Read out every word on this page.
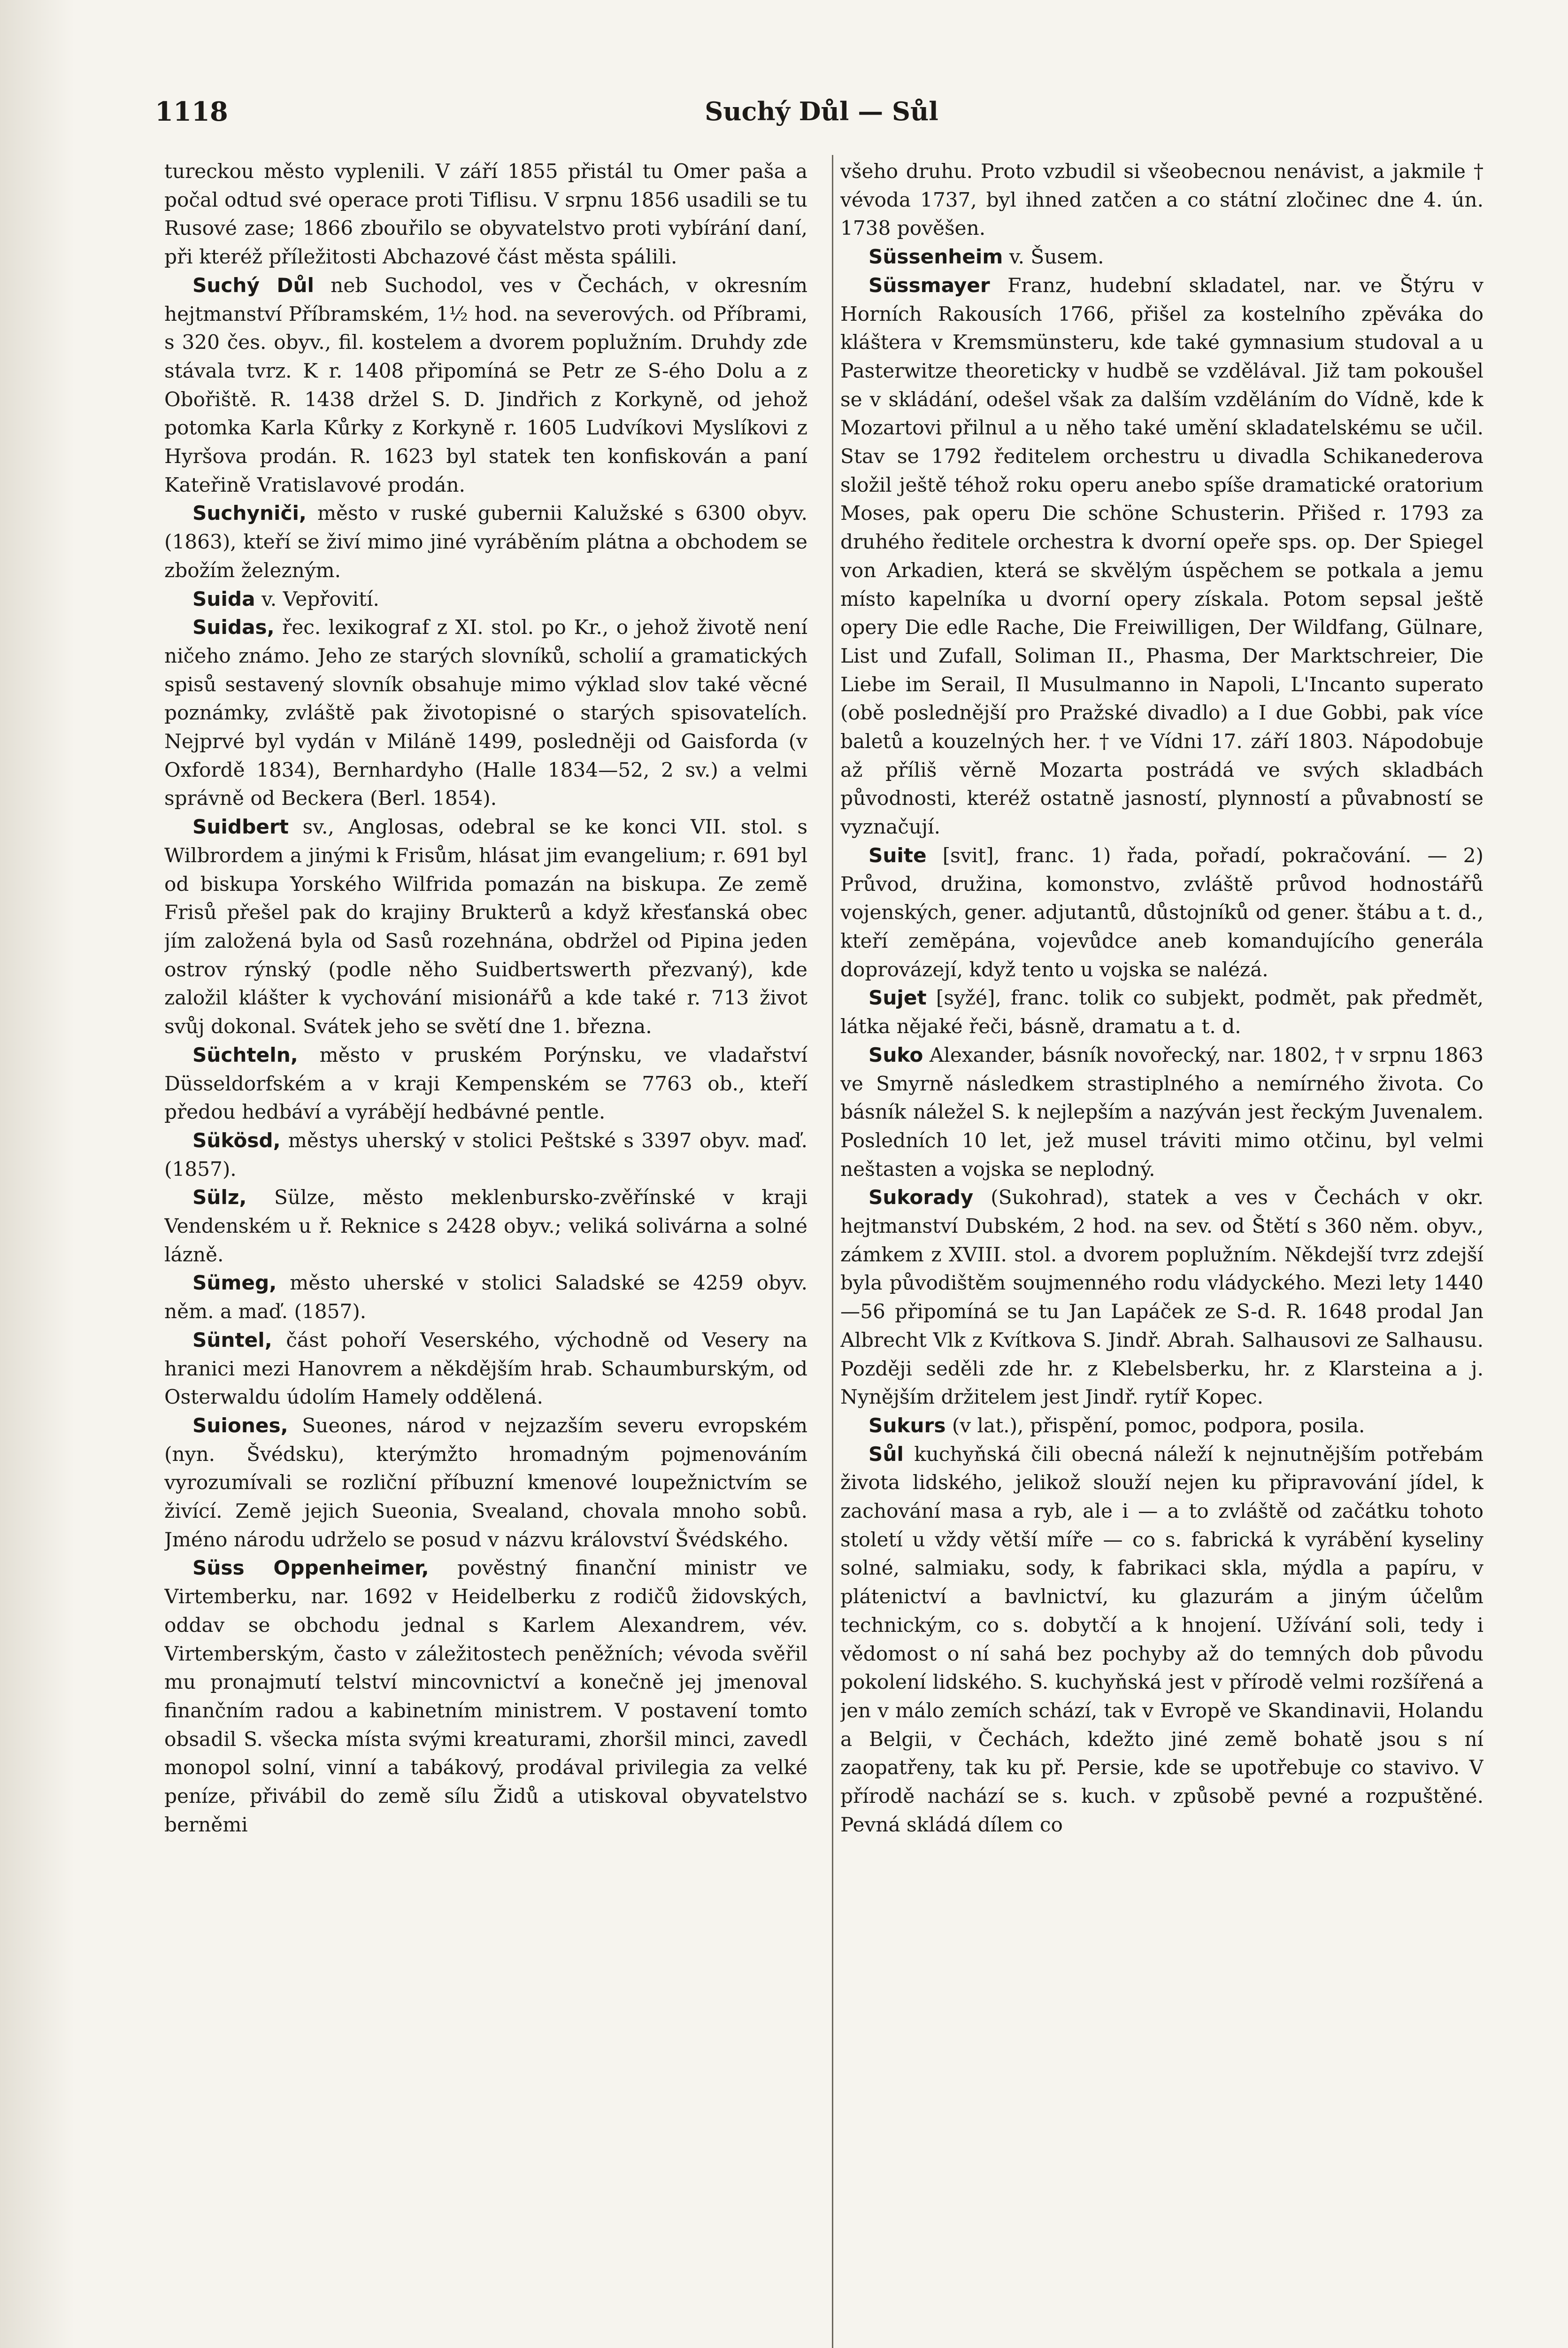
1118	Suchý Důl — Sůl

tureckou město vyplenili. V září 1855 přistál tu Omer paša a počal odtud své operace proti Tiflisu. V srpnu 1856 usadili se tu Rusové zase; 1866 zbouřilo se obyvatelstvo proti vybírání daní, při kteréž příležitosti Abchazové část města spálili.

Suchý Důl neb Suchodol, ves v Čechách, v okresním hejtmanství Příbramském, 1½ hod. na severových. od Příbrami, s 320 čes. obyv., fil. kostelem a dvorem poplužním. Druhdy zde stávala tvrz. K r. 1408 připomíná se Petr ze S-ého Dolu a z Obořiště. R. 1438 držel S. D. Jindřich z Korkyně, od jehož potomka Karla Kůrky z Korkyně r. 1605 Ludvíkovi Myslíkovi z Hyršova prodán. R. 1623 byl statek ten konfiskován a paní Kateřině Vratislavové prodán.

Suchyniči, město v ruské gubernii Kalužské s 6300 obyv. (1863), kteří se živí mimo jiné vyráběním plátna a obchodem se zbožím železným.

Suida v. Vepřovití.

Suidas, řec. lexikograf z XI. stol. po Kr., o jehož životě není ničeho známo. Jeho ze starých slovníků, scholií a gramatických spisů sestavený slovník obsahuje mimo výklad slov také věcné poznámky, zvláště pak životopisné o starých spisovatelích. Nejprvé byl vydán v Miláně 1499, posledněji od Gaisforda (v Oxfordě 1834), Bernhardyho (Halle 1834—52, 2 sv.) a velmi správně od Beckera (Berl. 1854).

Suidbert sv., Anglosas, odebral se ke konci VII. stol. s Wilbrordem a jinými k Frisům, hlásat jim evangelium; r. 691 byl od biskupa Yorského Wilfrida pomazán na biskupa. Ze země Frisů přešel pak do krajiny Brukterů a když křesťanská obec jím založená byla od Sasů rozehnána, obdržel od Pipina jeden ostrov rýnský (podle něho Suidbertswerth přezvaný), kde založil klášter k vychování misionářů a kde také r. 713 život svůj dokonal. Svátek jeho se světí dne 1. března.

Süchteln, město v pruském Porýnsku, ve vladařství Düsseldorfském a v kraji Kempenském se 7763 ob., kteří předou hedbáví a vyrábějí hedbávné pentle.

Sükösd, městys uherský v stolici Peštské s 3397 obyv. maď. (1857).

Sülz, Sülze, město meklenbursko-zvěřínské v kraji Vendenském u ř. Reknice s 2428 obyv.; veliká solivárna a solné lázně.

Sümeg, město uherské v stolici Saladské se 4259 obyv. něm. a maď. (1857).

Süntel, část pohoří Veserského, východně od Vesery na hranici mezi Hanovrem a někdějším hrab. Schaumburským, od Osterwaldu údolím Hamely oddělená.

Suiones, Sueones, národ v nejzazším severu evropském (nyn. Švédsku), kterýmžto hromadným pojmenováním vyrozumívali se rozliční příbuzní kmenové loupežnictvím se živící. Země jejich Sueonia, Svealand, chovala mnoho sobů. Jméno národu udrželo se posud v názvu království Švédského.

Süss Oppenheimer, pověstný finanční ministr ve Virtemberku, nar. 1692 v Heidelberku z rodičů židovských, oddav se obchodu jednal s Karlem Alexandrem, vév. Virtemberským, často v záležitostech peněžních; vévoda svěřil mu pronajmutí telství mincovnictví a konečně jej jmenoval finančním radou a kabinetním ministrem. V postavení tomto obsadil S. všecka místa svými kreaturami, zhoršil minci, zavedl monopol solní, vinní a tabákový, prodával privilegia za velké peníze, přivábil do země sílu Židů a utiskoval obyvatelstvo berněmi

všeho druhu. Proto vzbudil si všeobecnou nenávist, a jakmile † vévoda 1737, byl ihned zatčen a co státní zločinec dne 4. ún. 1738 pověšen.

Süssenheim v. Šusem.

Süssmayer Franz, hudební skladatel, nar. ve Štýru v Horních Rakousích 1766, přišel za kostelního zpěváka do kláštera v Kremsmünsteru, kde také gymnasium studoval a u Pasterwitze theoreticky v hudbě se vzdělával. Již tam pokoušel se v skládání, odešel však za dalším vzděláním do Vídně, kde k Mozartovi přilnul a u něho také umění skladatelskému se učil. Stav se 1792 ředitelem orchestru u divadla Schikanederova složil ještě téhož roku operu anebo spíše dramatické oratorium Moses, pak operu Die schöne Schusterin. Přišed r. 1793 za druhého ředitele orchestra k dvorní opeře sps. op. Der Spiegel von Arkadien, která se skvělým úspěchem se potkala a jemu místo kapelníka u dvorní opery získala. Potom sepsal ještě opery Die edle Rache, Die Freiwilligen, Der Wildfang, Gülnare, List und Zufall, Soliman II., Phasma, Der Marktschreier, Die Liebe im Serail, Il Musulmanno in Napoli, L'Incanto superato (obě poslednější pro Pražské divadlo) a I due Gobbi, pak více baletů a kouzelných her. † ve Vídni 17. září 1803. Nápodobuje až příliš věrně Mozarta postrádá ve svých skladbách původnosti, kteréž ostatně jasností, plynností a půvabností se vyznačují.

Suite [svit], franc. 1) řada, pořadí, pokračování. — 2) Průvod, družina, komonstvo, zvláště průvod hodnostářů vojenských, gener. adjutantů, důstojníků od gener. štábu a t. d., kteří zeměpána, vojevůdce aneb komandujícího generála doprovázejí, když tento u vojska se nalézá.

Sujet [syžé], franc. tolik co subjekt, podmět, pak předmět, látka nějaké řeči, básně, dramatu a t. d.

Suko Alexander, básník novořecký, nar. 1802, † v srpnu 1863 ve Smyrně následkem strastiplného a nemírného života. Co básník náležel S. k nejlepším a nazýván jest řeckým Juvenalem. Posledních 10 let, jež musel tráviti mimo otčinu, byl velmi neštasten a vojska se neplodný.

Sukorady (Sukohrad), statek a ves v Čechách v okr. hejtmanství Dubském, 2 hod. na sev. od Štětí s 360 něm. obyv., zámkem z XVIII. stol. a dvorem poplužním. Někdejší tvrz zdejší byla původištěm soujmenného rodu vládyckého. Mezi lety 1440—56 připomíná se tu Jan Lapáček ze S-d. R. 1648 prodal Jan Albrecht Vlk z Kvítkova S. Jindř. Abrah. Salhausovi ze Salhausu. Později seděli zde hr. z Klebelsberku, hr. z Klarsteina a j. Nynějším držitelem jest Jindř. rytíř Kopec.

Sukurs (v lat.), přispění, pomoc, podpora, posila.

Sůl kuchyňská čili obecná náleží k nejnutnějším potřebám života lidského, jelikož slouží nejen ku připravování jídel, k zachování masa a ryb, ale i — a to zvláště od začátku tohoto století u vždy větší míře — co s. fabrická k vyrábění kyseliny solné, salmiaku, sody, k fabrikaci skla, mýdla a papíru, v plátenictví a bavlnictví, ku glazurám a jiným účelům technickým, co s. dobytčí a k hnojení. Užívání soli, tedy i vědomost o ní sahá bez pochyby až do temných dob původu pokolení lidského. S. kuchyňská jest v přírodě velmi rozšířená a jen v málo zemích schází, tak v Evropě ve Skandinavii, Holandu a Belgii, v Čechách, kdežto jiné země bohatě jsou s ní zaopatřeny, tak ku př. Persie, kde se upotřebuje co stavivo. V přírodě nachází se s. kuch. v způsobě pevné a rozpuštěné. Pevná skládá dílem co
